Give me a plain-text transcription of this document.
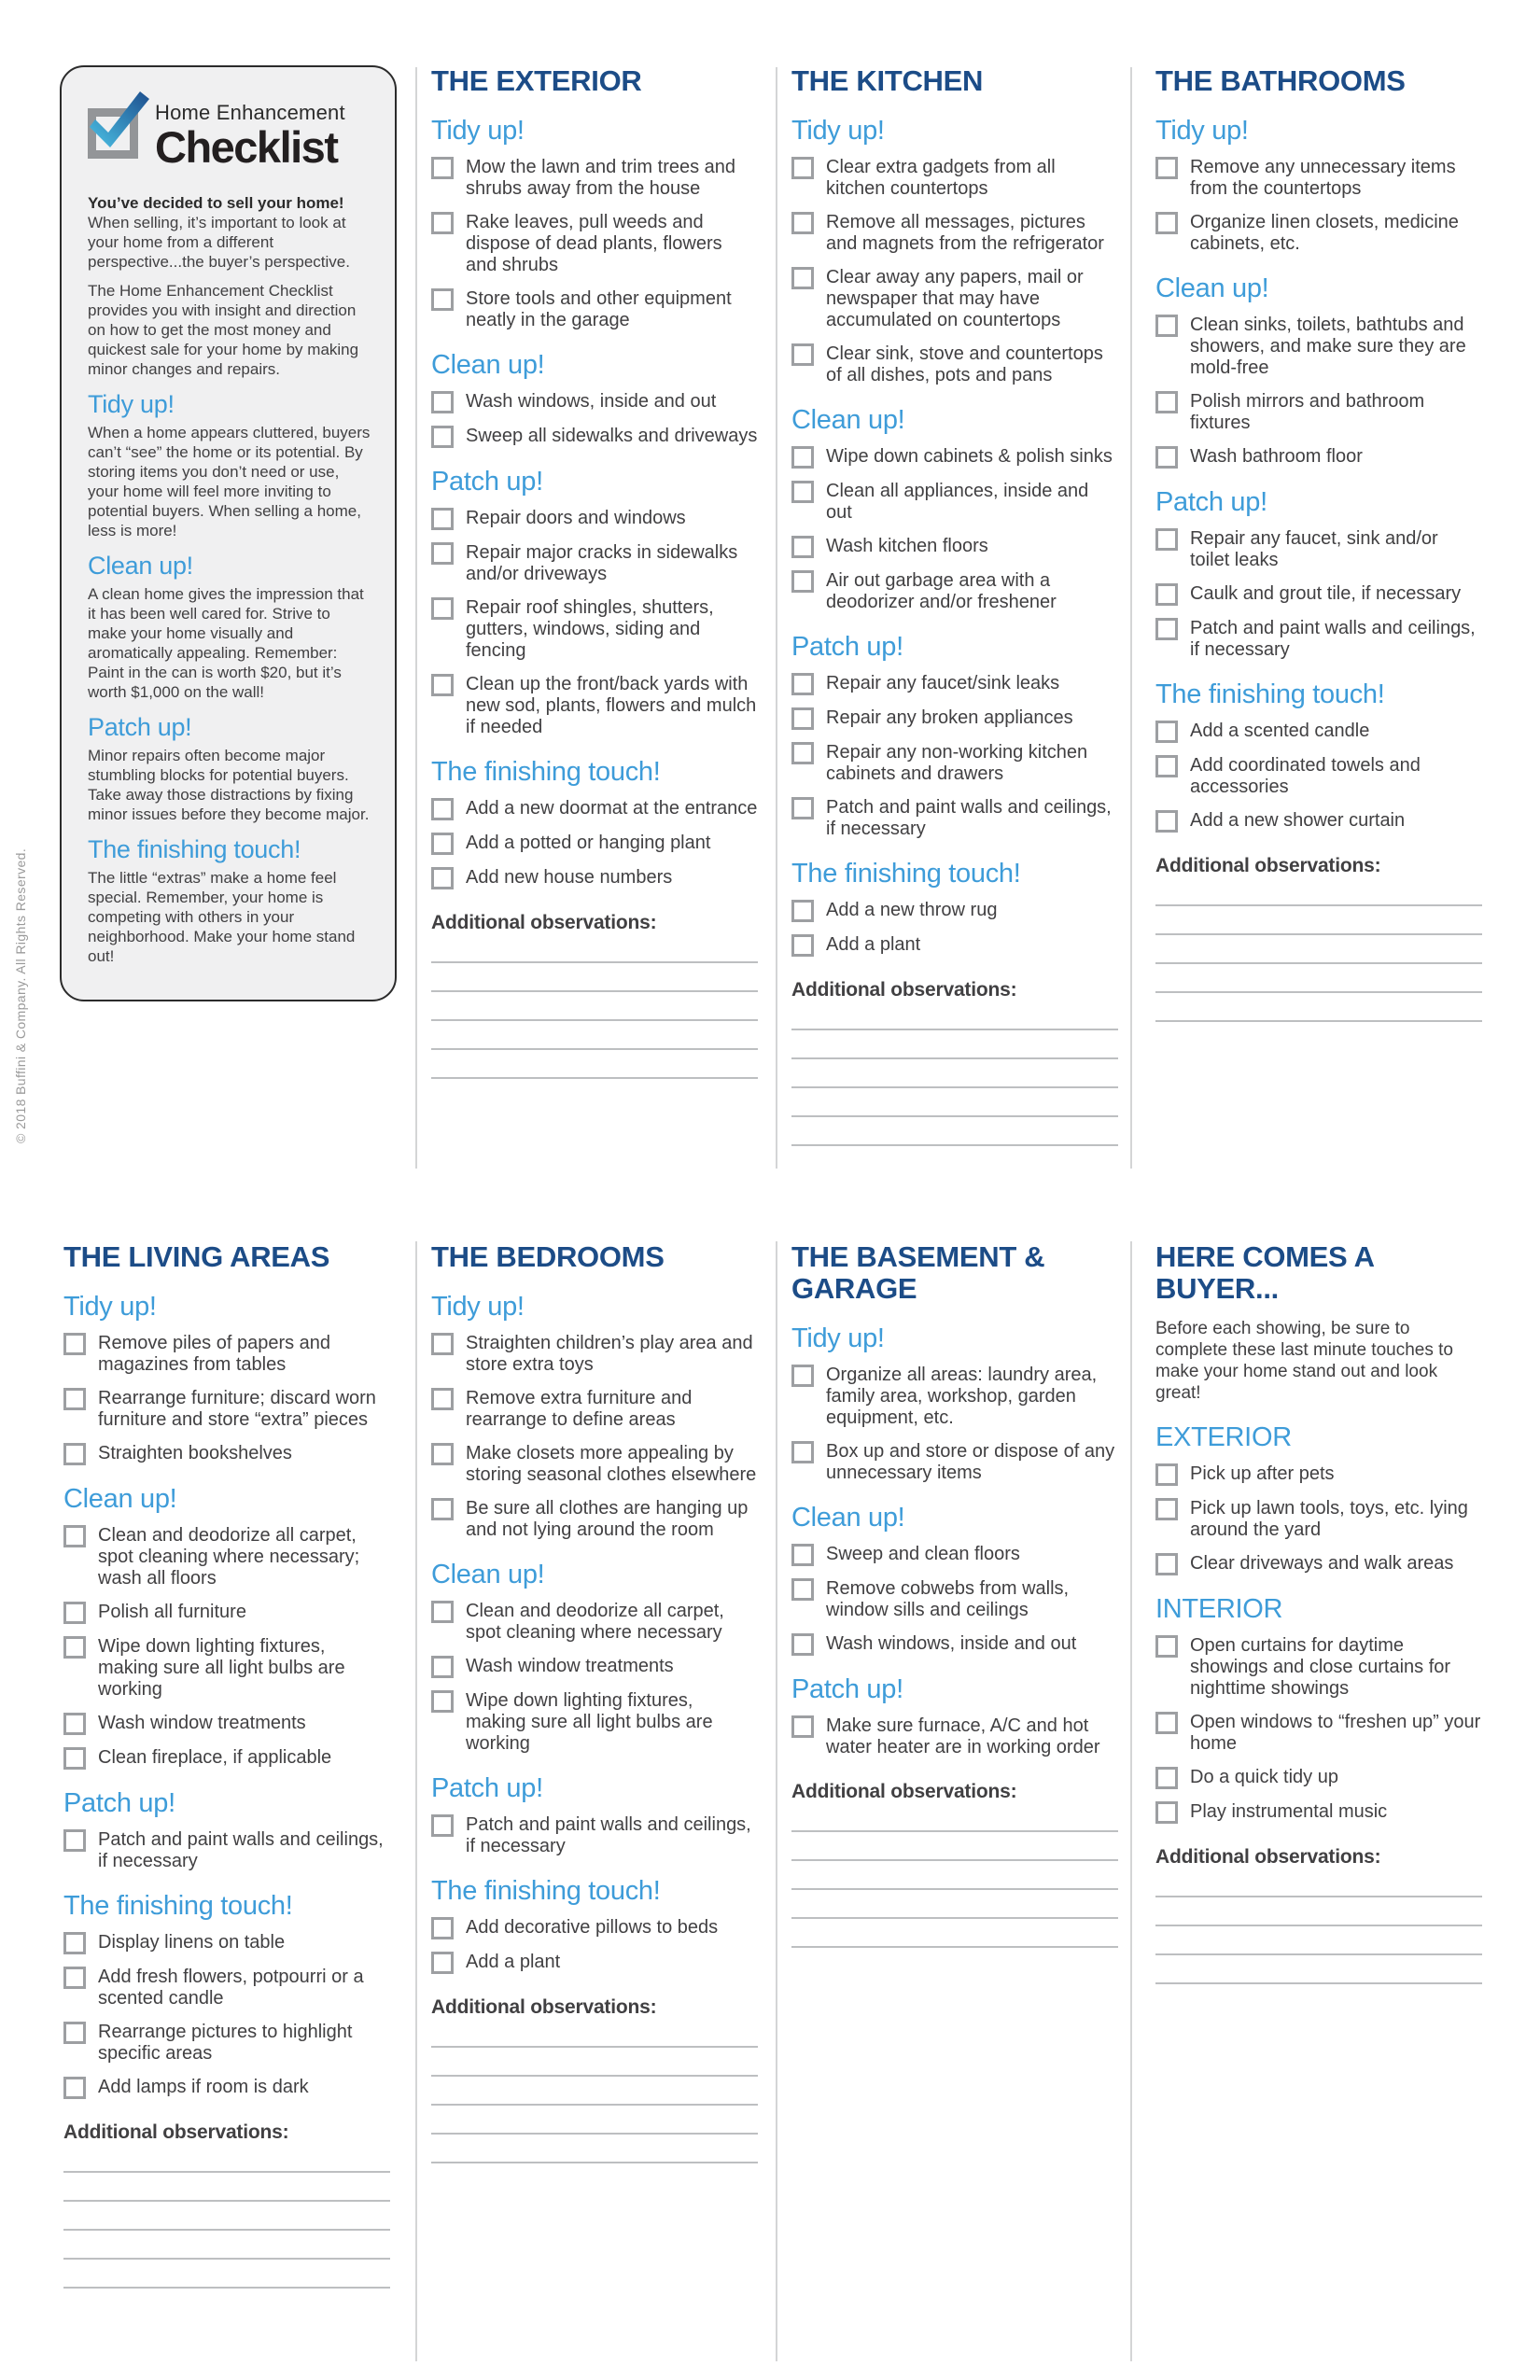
© 2018 Buffini & Company. All Rights Reserved.
Home Enhancement
Checklist

You’ve decided to sell your home! When selling, it’s important to look at your home from a different perspective...the buyer’s perspective.

The Home Enhancement Checklist provides you with insight and direction on how to get the most money and quickest sale for your home by making minor changes and repairs.

Tidy up!

When a home appears cluttered, buyers can’t “see” the home or its potential. By storing items you don’t need or use, your home will feel more inviting to potential buyers. When selling a home, less is more!

Clean up!

A clean home gives the impression that it has been well cared for. Strive to make your home visually and aromatically appealing. Remember: Paint in the can is worth $20, but it’s worth $1,000 on the wall!

Patch up!

Minor repairs often become major stumbling blocks for potential buyers. Take away those distractions by fixing minor issues before they become major.

The finishing touch!

The little “extras” make a home feel special. Remember, your home is competing with others in your neighborhood. Make your home stand out!

THE EXTERIOR
Tidy up!
Mow the lawn and trim trees and shrubs away from the house
Rake leaves, pull weeds and dispose of dead plants, flowers and shrubs
Store tools and other equipment neatly in the garage
Clean up!
Wash windows, inside and out
Sweep all sidewalks and driveways
Patch up!
Repair doors and windows
Repair major cracks in sidewalks and/or driveways
Repair roof shingles, shutters, gutters, windows, siding and fencing
Clean up the front/back yards with new sod, plants, flowers and mulch if needed
The finishing touch!
Add a new doormat at the entrance
Add a potted or hanging plant
Add new house numbers
Additional observations:
THE KITCHEN
Tidy up!
Clear extra gadgets from all kitchen countertops
Remove all messages, pictures and magnets from the refrigerator
Clear away any papers, mail or newspaper that may have accumulated on countertops
Clear sink, stove and countertops of all dishes, pots and pans
Clean up!
Wipe down cabinets & polish sinks
Clean all appliances, inside and out
Wash kitchen floors
Air out garbage area with a deodorizer and/or freshener
Patch up!
Repair any faucet/sink leaks
Repair any broken appliances
Repair any non-working kitchen cabinets and drawers
Patch and paint walls and ceilings, if necessary
The finishing touch!
Add a new throw rug
Add a plant
Additional observations:
THE BATHROOMS
Tidy up!
Remove any unnecessary items from the countertops
Organize linen closets, medicine cabinets, etc.
Clean up!
Clean sinks, toilets, bathtubs and showers, and make sure they are mold-free
Polish mirrors and bathroom fixtures
Wash bathroom floor
Patch up!
Repair any faucet, sink and/or toilet leaks
Caulk and grout tile, if necessary
Patch and paint walls and ceilings, if necessary
The finishing touch!
Add a scented candle
Add coordinated towels and accessories
Add a new shower curtain
Additional observations:
THE LIVING AREAS
Tidy up!
Remove piles of papers and magazines from tables
Rearrange furniture; discard worn furniture and store “extra” pieces
Straighten bookshelves
Clean up!
Clean and deodorize all carpet, spot cleaning where necessary; wash all floors
Polish all furniture
Wipe down lighting fixtures, making sure all light bulbs are working
Wash window treatments
Clean fireplace, if applicable
Patch up!
Patch and paint walls and ceilings, if necessary
The finishing touch!
Display linens on table
Add fresh flowers, potpourri or a scented candle
Rearrange pictures to highlight specific areas
Add lamps if room is dark
Additional observations:
THE BEDROOMS
Tidy up!
Straighten children’s play area and store extra toys
Remove extra furniture and rearrange to define areas
Make closets more appealing by storing seasonal clothes elsewhere
Be sure all clothes are hanging up and not lying around the room
Clean up!
Clean and deodorize all carpet, spot cleaning where necessary
Wash window treatments
Wipe down lighting fixtures, making sure all light bulbs are working
Patch up!
Patch and paint walls and ceilings, if necessary
The finishing touch!
Add decorative pillows to beds
Add a plant
Additional observations:
THE BASEMENT & GARAGE
Tidy up!
Organize all areas: laundry area, family area, workshop, garden equipment, etc.
Box up and store or dispose of any unnecessary items
Clean up!
Sweep and clean floors
Remove cobwebs from walls, window sills and ceilings
Wash windows, inside and out
Patch up!
Make sure furnace, A/C and hot water heater are in working order
Additional observations:
HERE COMES A BUYER...

Before each showing, be sure to complete these last minute touches to make your home stand out and look great!

EXTERIOR
Pick up after pets
Pick up lawn tools, toys, etc. lying around the yard
Clear driveways and walk areas
INTERIOR
Open curtains for daytime showings and close curtains for nighttime showings
Open windows to “freshen up” your home
Do a quick tidy up
Play instrumental music
Additional observations:
